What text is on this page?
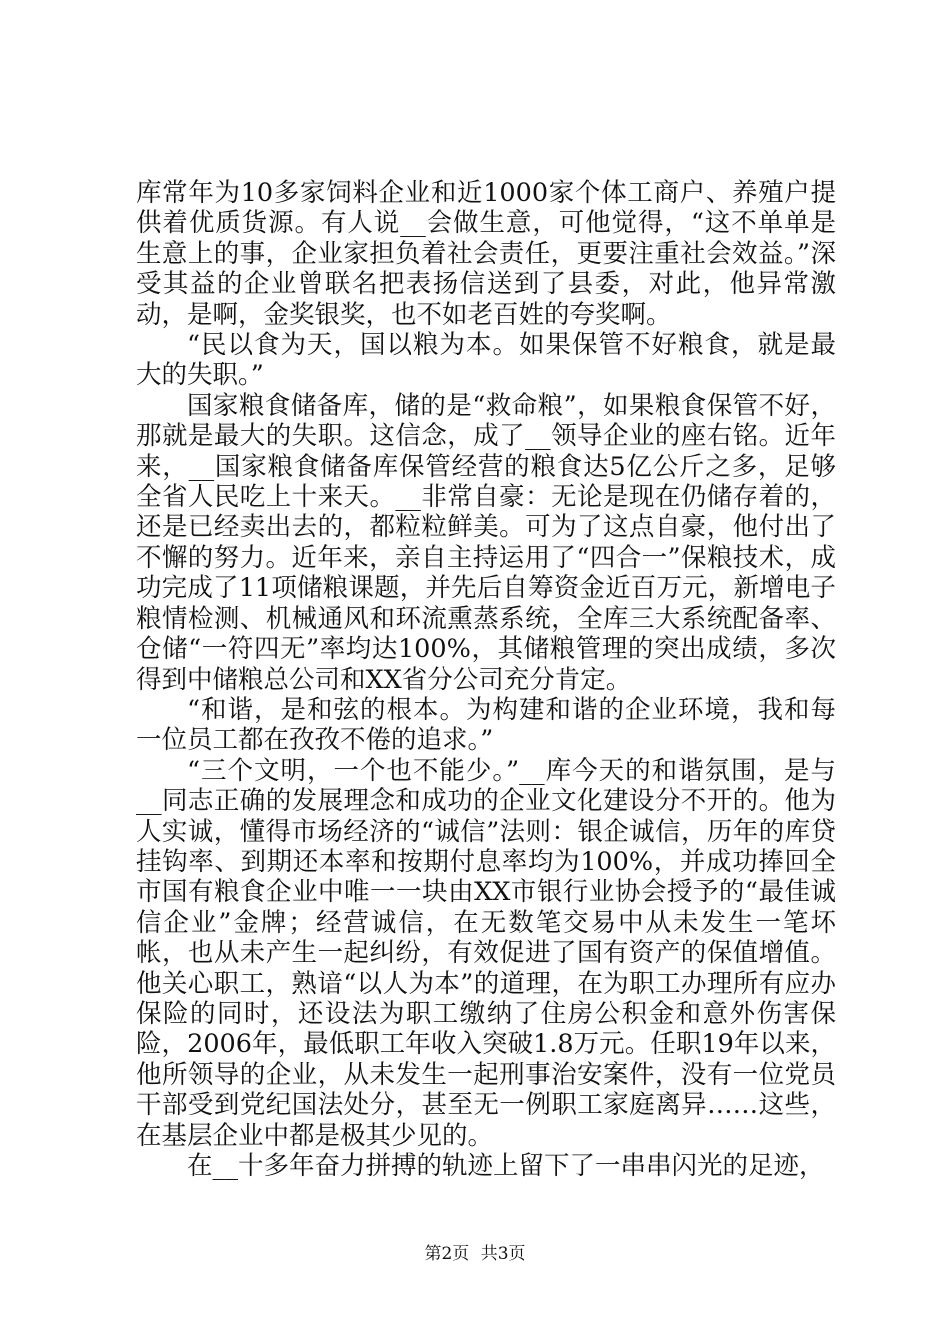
库常年为10多家饲料企业和近1000家个体工商户、养殖户提供着优质货源。有人说__会做生意，可他觉得，“这不单单是生意上的事，企业家担负着社会责任，更要注重社会效益。”深受其益的企业曾联名把表扬信送到了县委，对此，他异常激动，是啊，金奖银奖，也不如老百姓的夸奖啊。

“民以食为天，国以粮为本。如果保管不好粮食，就是最大的失职。”

国家粮食储备库，储的是“救命粮”，如果粮食保管不好，那就是最大的失职。这信念，成了__领导企业的座右铭。近年来，__国家粮食储备库保管经营的粮食达5亿公斤之多，足够全省人民吃上十来天。__非常自豪：无论是现在仍储存着的，还是已经卖出去的，都粒粒鲜美。可为了这点自豪，他付出了不懈的努力。近年来，亲自主持运用了“四合一”保粮技术，成功完成了11项储粮课题，并先后自筹资金近百万元，新增电子粮情检测、机械通风和环流熏蒸系统，全库三大系统配备率、仓储“一符四无”率均达100%，其储粮管理的突出成绩，多次得到中储粮总公司和XX省分公司充分肯定。

“和谐，是和弦的根本。为构建和谐的企业环境，我和每一位员工都在孜孜不倦的追求。”

“三个文明，一个也不能少。”__库今天的和谐氛围，是与__同志正确的发展理念和成功的企业文化建设分不开的。他为人实诚，懂得市场经济的“诚信”法则：银企诚信，历年的库贷挂钩率、到期还本率和按期付息率均为100%，并成功捧回全市国有粮食企业中唯一一块由XX市银行业协会授予的“最佳诚信企业”金牌；经营诚信，在无数笔交易中从未发生一笔坏帐，也从未产生一起纠纷，有效促进了国有资产的保值增值。他关心职工，熟谙“以人为本”的道理，在为职工办理所有应办保险的同时，还设法为职工缴纳了住房公积金和意外伤害保险，2006年，最低职工年收入突破1.8万元。任职19年以来，他所领导的企业，从未发生一起刑事治安案件，没有一位党员干部受到党纪国法处分，甚至无一例职工家庭离异……这些，在基层企业中都是极其少见的。

在__十多年奋力拼搏的轨迹上留下了一串串闪光的足迹，

第2页 共3页
